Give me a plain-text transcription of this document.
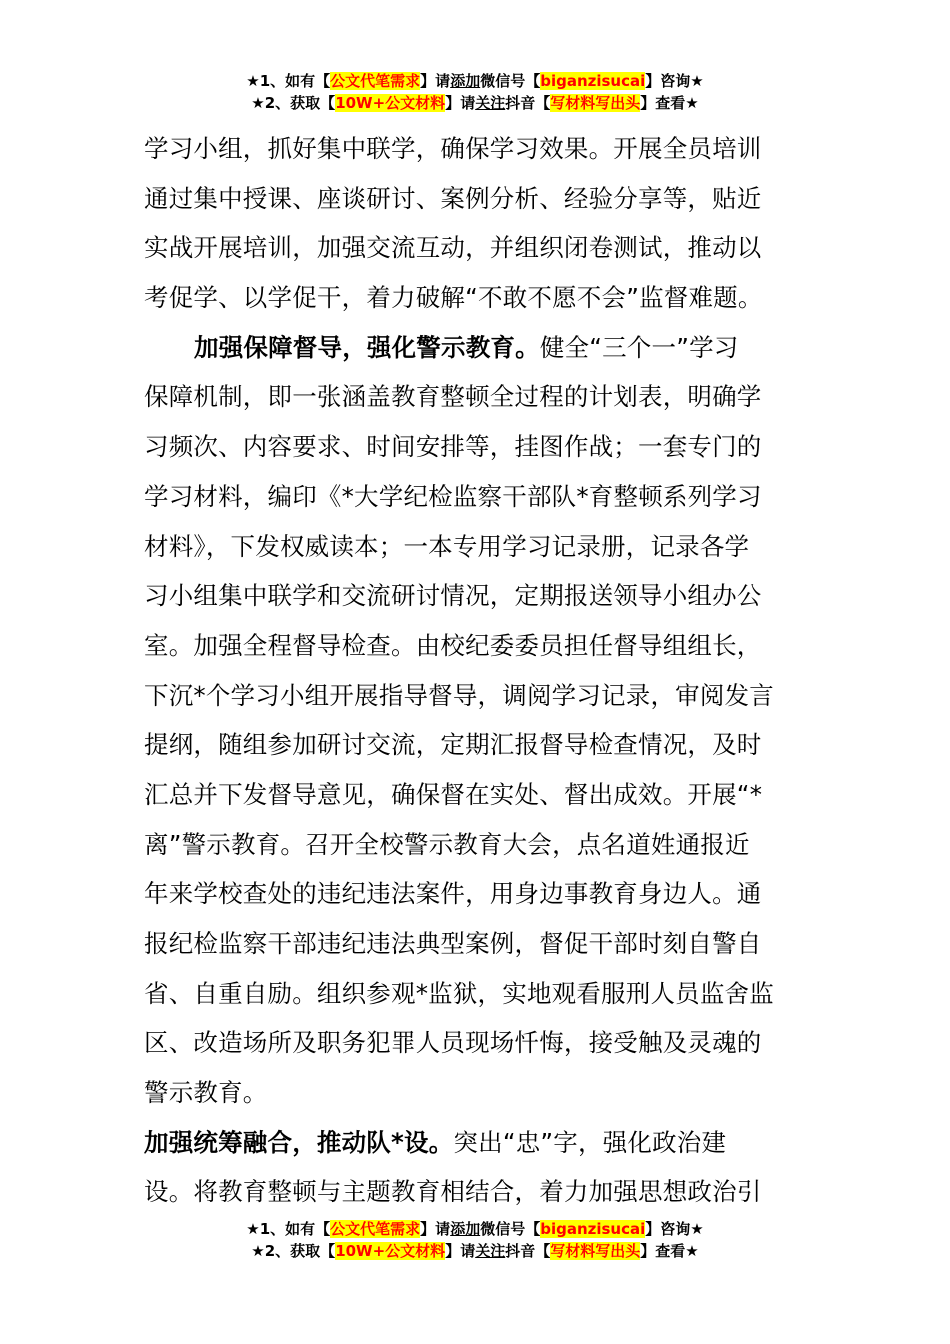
★1、如有【公文代笔需求】请添加微信号【biganzisucai】咨询★
★2、获取【10W+公文材料】请关注抖音【写材料写出头】查看★
学习小组，抓好集中联学，确保学习效果。开展全员培训
通过集中授课、座谈研讨、案例分析、经验分享等，贴近
实战开展培训，加强交流互动，并组织闭卷测试，推动以
考促学、以学促干，着力破解“不敢不愿不会”监督难题。
加强保障督导，强化警示教育。健全“三个一”学习
保障机制，即一张涵盖教育整顿全过程的计划表，明确学
习频次、内容要求、时间安排等，挂图作战；一套专门的
学习材料，编印《*大学纪检监察干部队*育整顿系列学习
材料》，下发权威读本；一本专用学习记录册，记录各学
习小组集中联学和交流研讨情况，定期报送领导小组办公
室。加强全程督导检查。由校纪委委员担任督导组组长，
下沉*个学习小组开展指导督导，调阅学习记录，审阅发言
提纲，随组参加研讨交流，定期汇报督导检查情况，及时
汇总并下发督导意见，确保督在实处、督出成效。开展“*
离”警示教育。召开全校警示教育大会，点名道姓通报近
年来学校查处的违纪违法案件，用身边事教育身边人。通
报纪检监察干部违纪违法典型案例，督促干部时刻自警自
省、自重自励。组织参观*监狱，实地观看服刑人员监舍监
区、改造场所及职务犯罪人员现场忏悔，接受触及灵魂的
警示教育。
加强统筹融合，推动队*设。突出“忠”字，强化政治建
设。将教育整顿与主题教育相结合，着力加强思想政治引
★1、如有【公文代笔需求】请添加微信号【biganzisucai】咨询★
★2、获取【10W+公文材料】请关注抖音【写材料写出头】查看★
